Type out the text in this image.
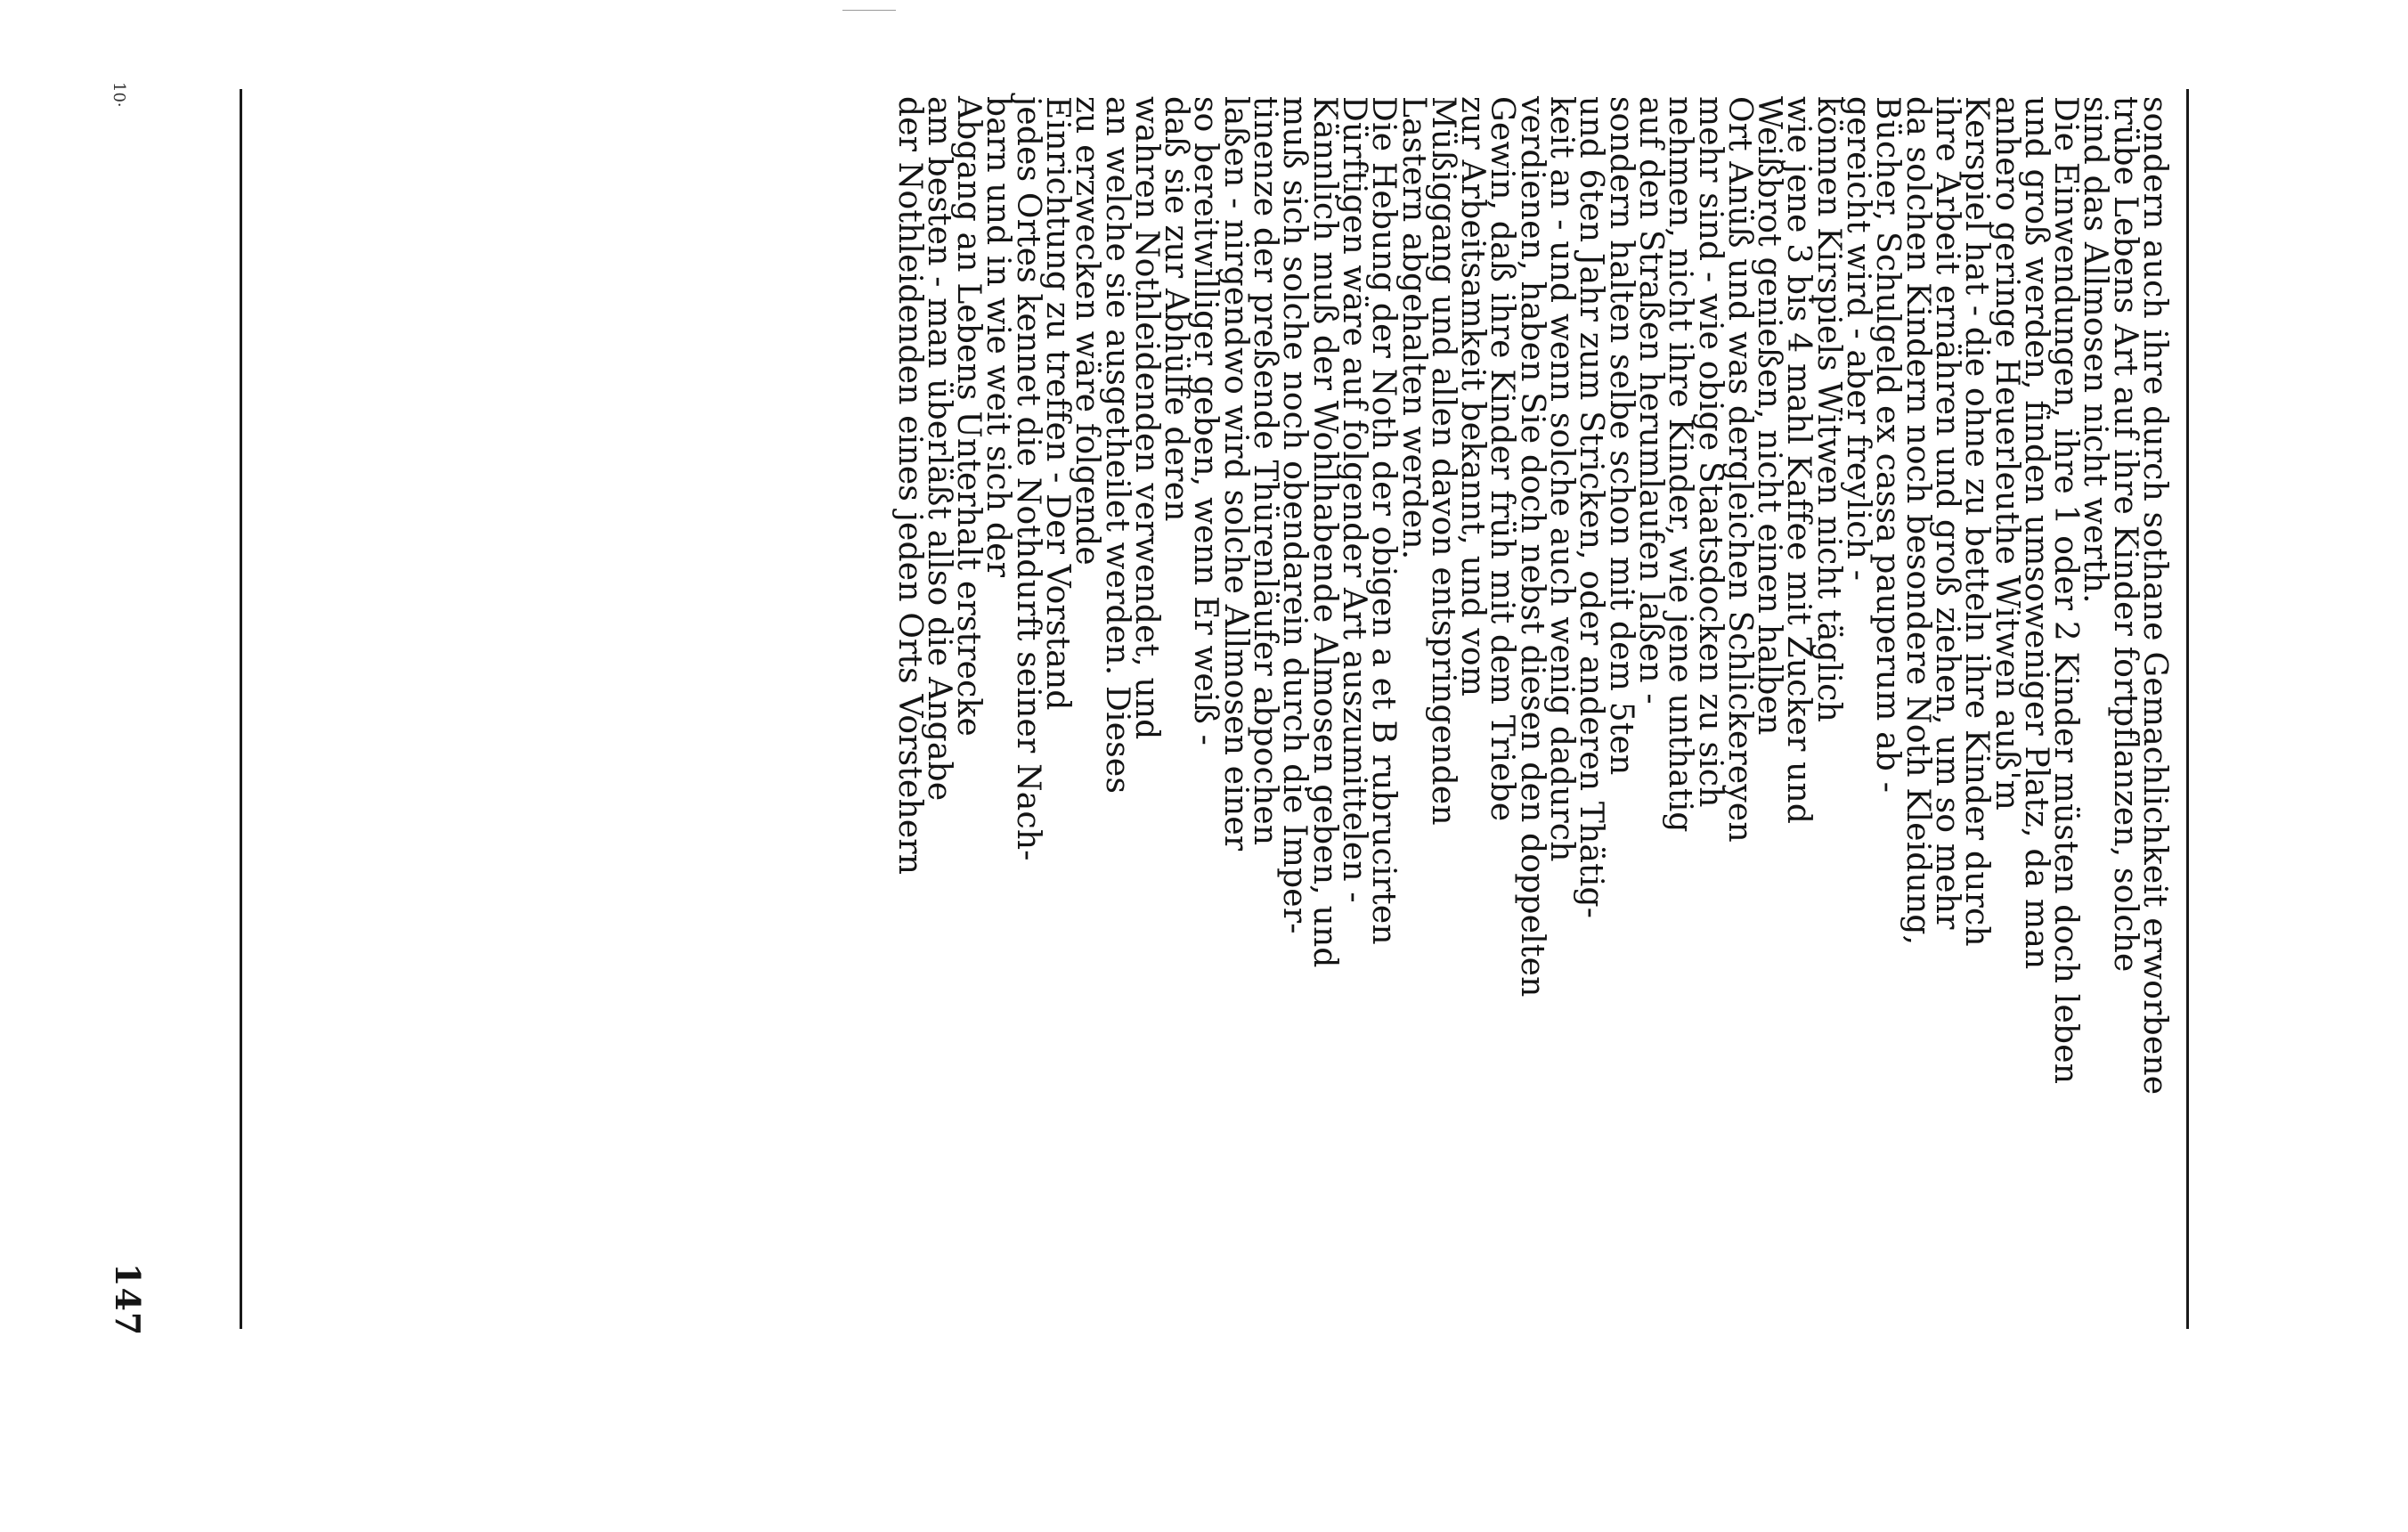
sondern auch ihre durch sothane Gemachlichkeit erworbene
trübe Lebens Art auf ihre Kinder fortpflanzen, solche
sind das Allmosen nicht werth.
Die Einwendungen, ihre 1 oder 2 Kinder müsten doch leben
und groß werden, finden umsoweniger Platz, da man
anhero geringe Heuerleuthe Witwen auß'm
Kerspiel hat - die ohne zu betteln ihre Kinder durch
ihre Arbeit ernähren und groß ziehen, um so mehr
da solchen Kindern noch besondere Noth Kleidung,
Bücher, Schulgeld ex cassa pauperum ab -
gereicht wird - aber freylich -
können Kirspiels Witwen nicht täglich
wie jene 3 bis 4 mahl Kaffee mit Zucker und
Weißbrot genießen, nicht einen halben
Ort Anüß und was dergleichen Schlickereyen
mehr sind - wie obige Staatsdocken zu sich
nehmen, nicht ihre Kinder, wie jene unthatig
auf den Straßen herumlaufen laßen -
sondern halten selbe schon mit dem 5ten
und 6ten Jahr zum Stricken, oder anderen Thätig-
keit an - und wenn solche auch wenig dadurch
verdienen, haben Sie doch nebst diesen den doppelten
Gewin, daß ihre Kinder früh mit dem Triebe
zur Arbeitsamkeit bekannt, und vom
Müßiggang und allen davon entspringenden
Lastern abgehalten werden.
Die Hebung der Noth der obigen a et B rubrucirten
Dürftigen wäre auf folgender Art auszumittelen -
Kännlich muß der Wohlhabende Almosen geben, und
muß sich solche noch obendarein durch die Imper-
tinenze der preßende Thürenläufer abpochen
laßen - nirgendwo wird solche Allmosen einer
so bereitwilliger geben, wenn Er weiß -
daß sie zur Abhülfe deren
wahren Nothleidenden verwendet, und
an welche sie ausgetheilet werden. Dieses
zu erzwecken wäre folgende
Einrichtung zu treffen - Der Vorstand
jedes Ortes kennet die Nothdurft seiner Nach-
barn und in wie weit sich der
Abgang an Lebens Unterhalt erstrecke
am besten - man überläßt allso die Angabe
der Nothleidenden eines jeden Orts Vorstehern
147
10·
